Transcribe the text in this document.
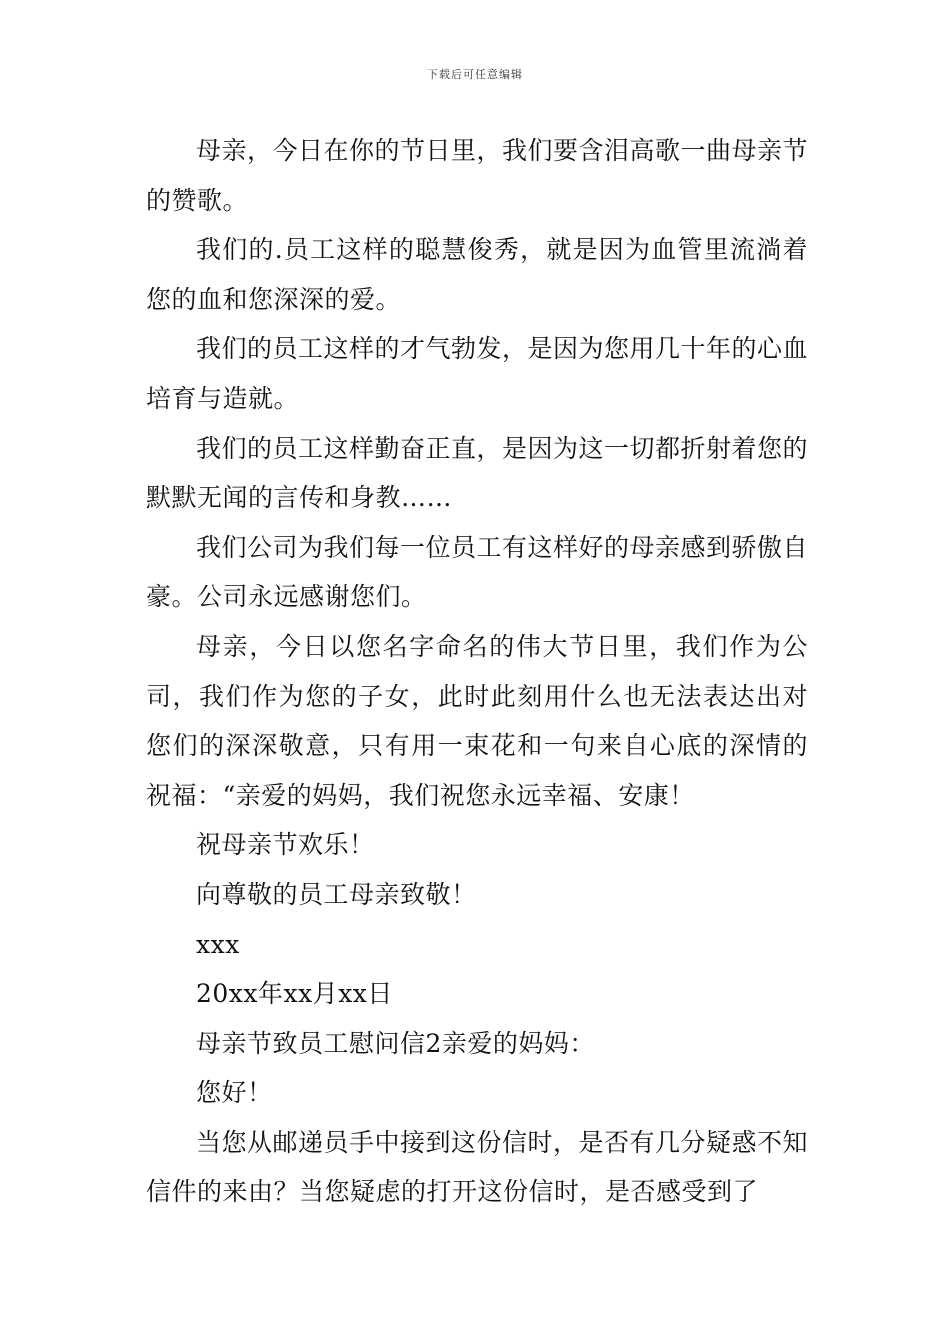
下载后可任意编辑

母亲，今日在你的节日里，我们要含泪高歌一曲母亲节的赞歌。

我们的.员工这样的聪慧俊秀，就是因为血管里流淌着您的血和您深深的爱。

我们的员工这样的才气勃发，是因为您用几十年的心血培育与造就。

我们的员工这样勤奋正直，是因为这一切都折射着您的默默无闻的言传和身教……

我们公司为我们每一位员工有这样好的母亲感到骄傲自豪。公司永远感谢您们。

母亲，今日以您名字命名的伟大节日里，我们作为公司，我们作为您的子女，此时此刻用什么也无法表达出对您们的深深敬意，只有用一束花和一句来自心底的深情的祝福：“亲爱的妈妈，我们祝您永远幸福、安康！

祝母亲节欢乐！

向尊敬的员工母亲致敬！

xxx

20xx年xx月xx日

母亲节致员工慰问信2亲爱的妈妈：

您好！

当您从邮递员手中接到这份信时，是否有几分疑惑不知信件的来由？当您疑虑的打开这份信时，是否感受到了
